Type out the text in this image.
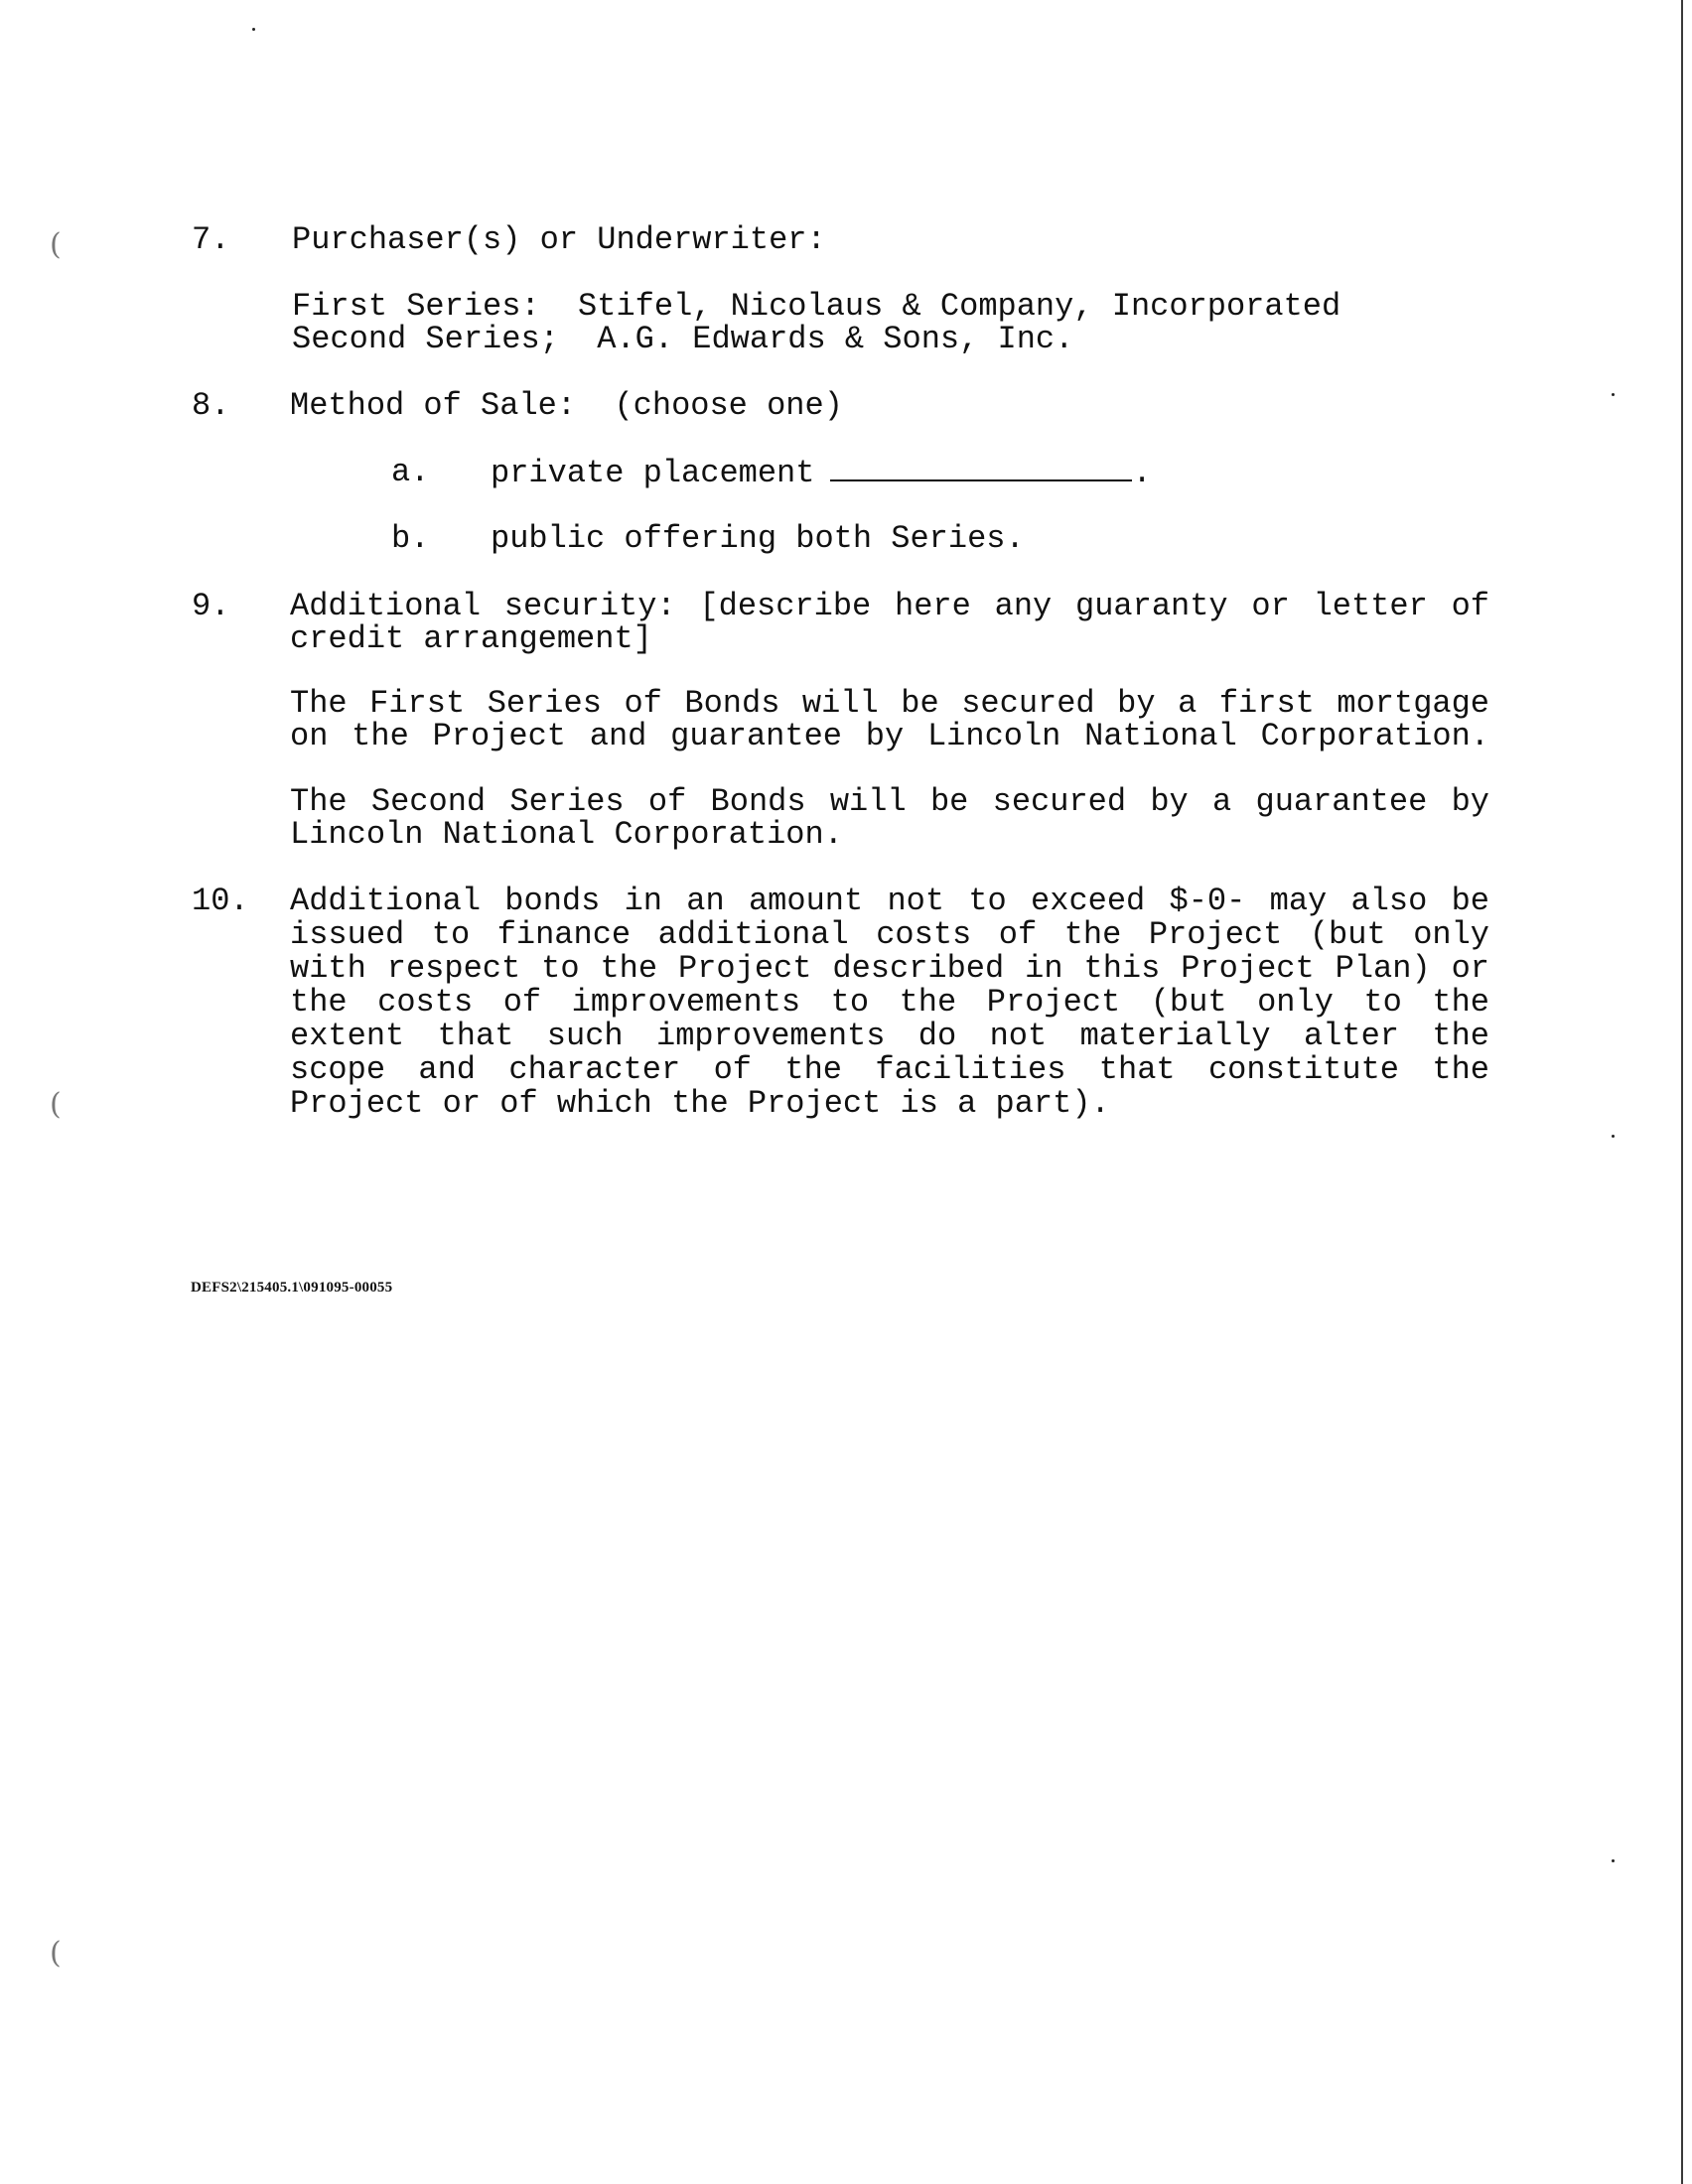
(
(
(
7. Purchaser(s) or Underwriter:
First Series:  Stifel, Nicolaus & Company, Incorporated
Second Series;  A.G. Edwards & Sons, Inc.
8. Method of Sale:  (choose one)
a. private placement	.
b. public offering both Series.
9. Additional security: [describe here any guaranty or letter of
credit arrangement]
The First Series of Bonds will be secured by a first mortgage
on the Project and guarantee by Lincoln National Corporation.
The Second Series of Bonds will be secured by a guarantee by
Lincoln National Corporation.
10. Additional bonds in an amount not to exceed $-0- may also be
issued to finance additional costs of the Project (but only
with respect to the Project described in this Project Plan) or
the costs of improvements to the Project (but only to the
extent that such improvements do not materially alter the
scope and character of the facilities that constitute the
Project or of which the Project is a part).
DEFS2\215405.1\091095-00055
